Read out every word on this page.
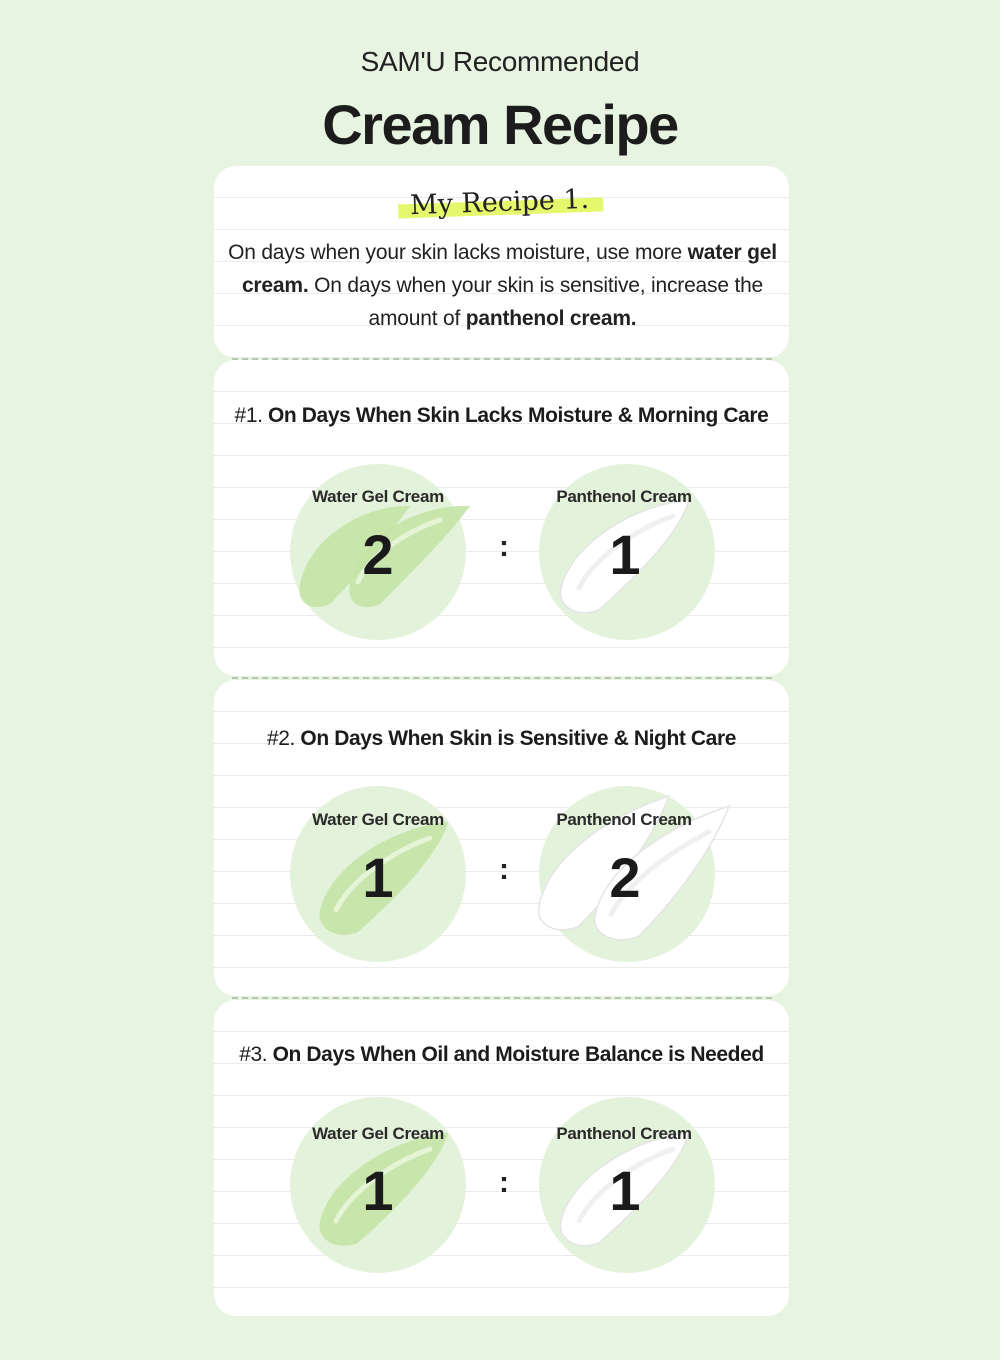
SAM'U Recommended
Cream Recipe
My Recipe 1.
On days when your skin lacks moisture, use more water gel cream. On days when your skin is sensitive, increase the amount of panthenol cream.
#1. On Days When Skin Lacks Moisture & Morning Care
Water Gel Cream
2	:
Panthenol Cream
1
#2. On Days When Skin is Sensitive & Night Care
Water Gel Cream
1	:
Panthenol Cream
2
#3. On Days When Oil and Moisture Balance is Needed
Water Gel Cream
1	:
Panthenol Cream
1
